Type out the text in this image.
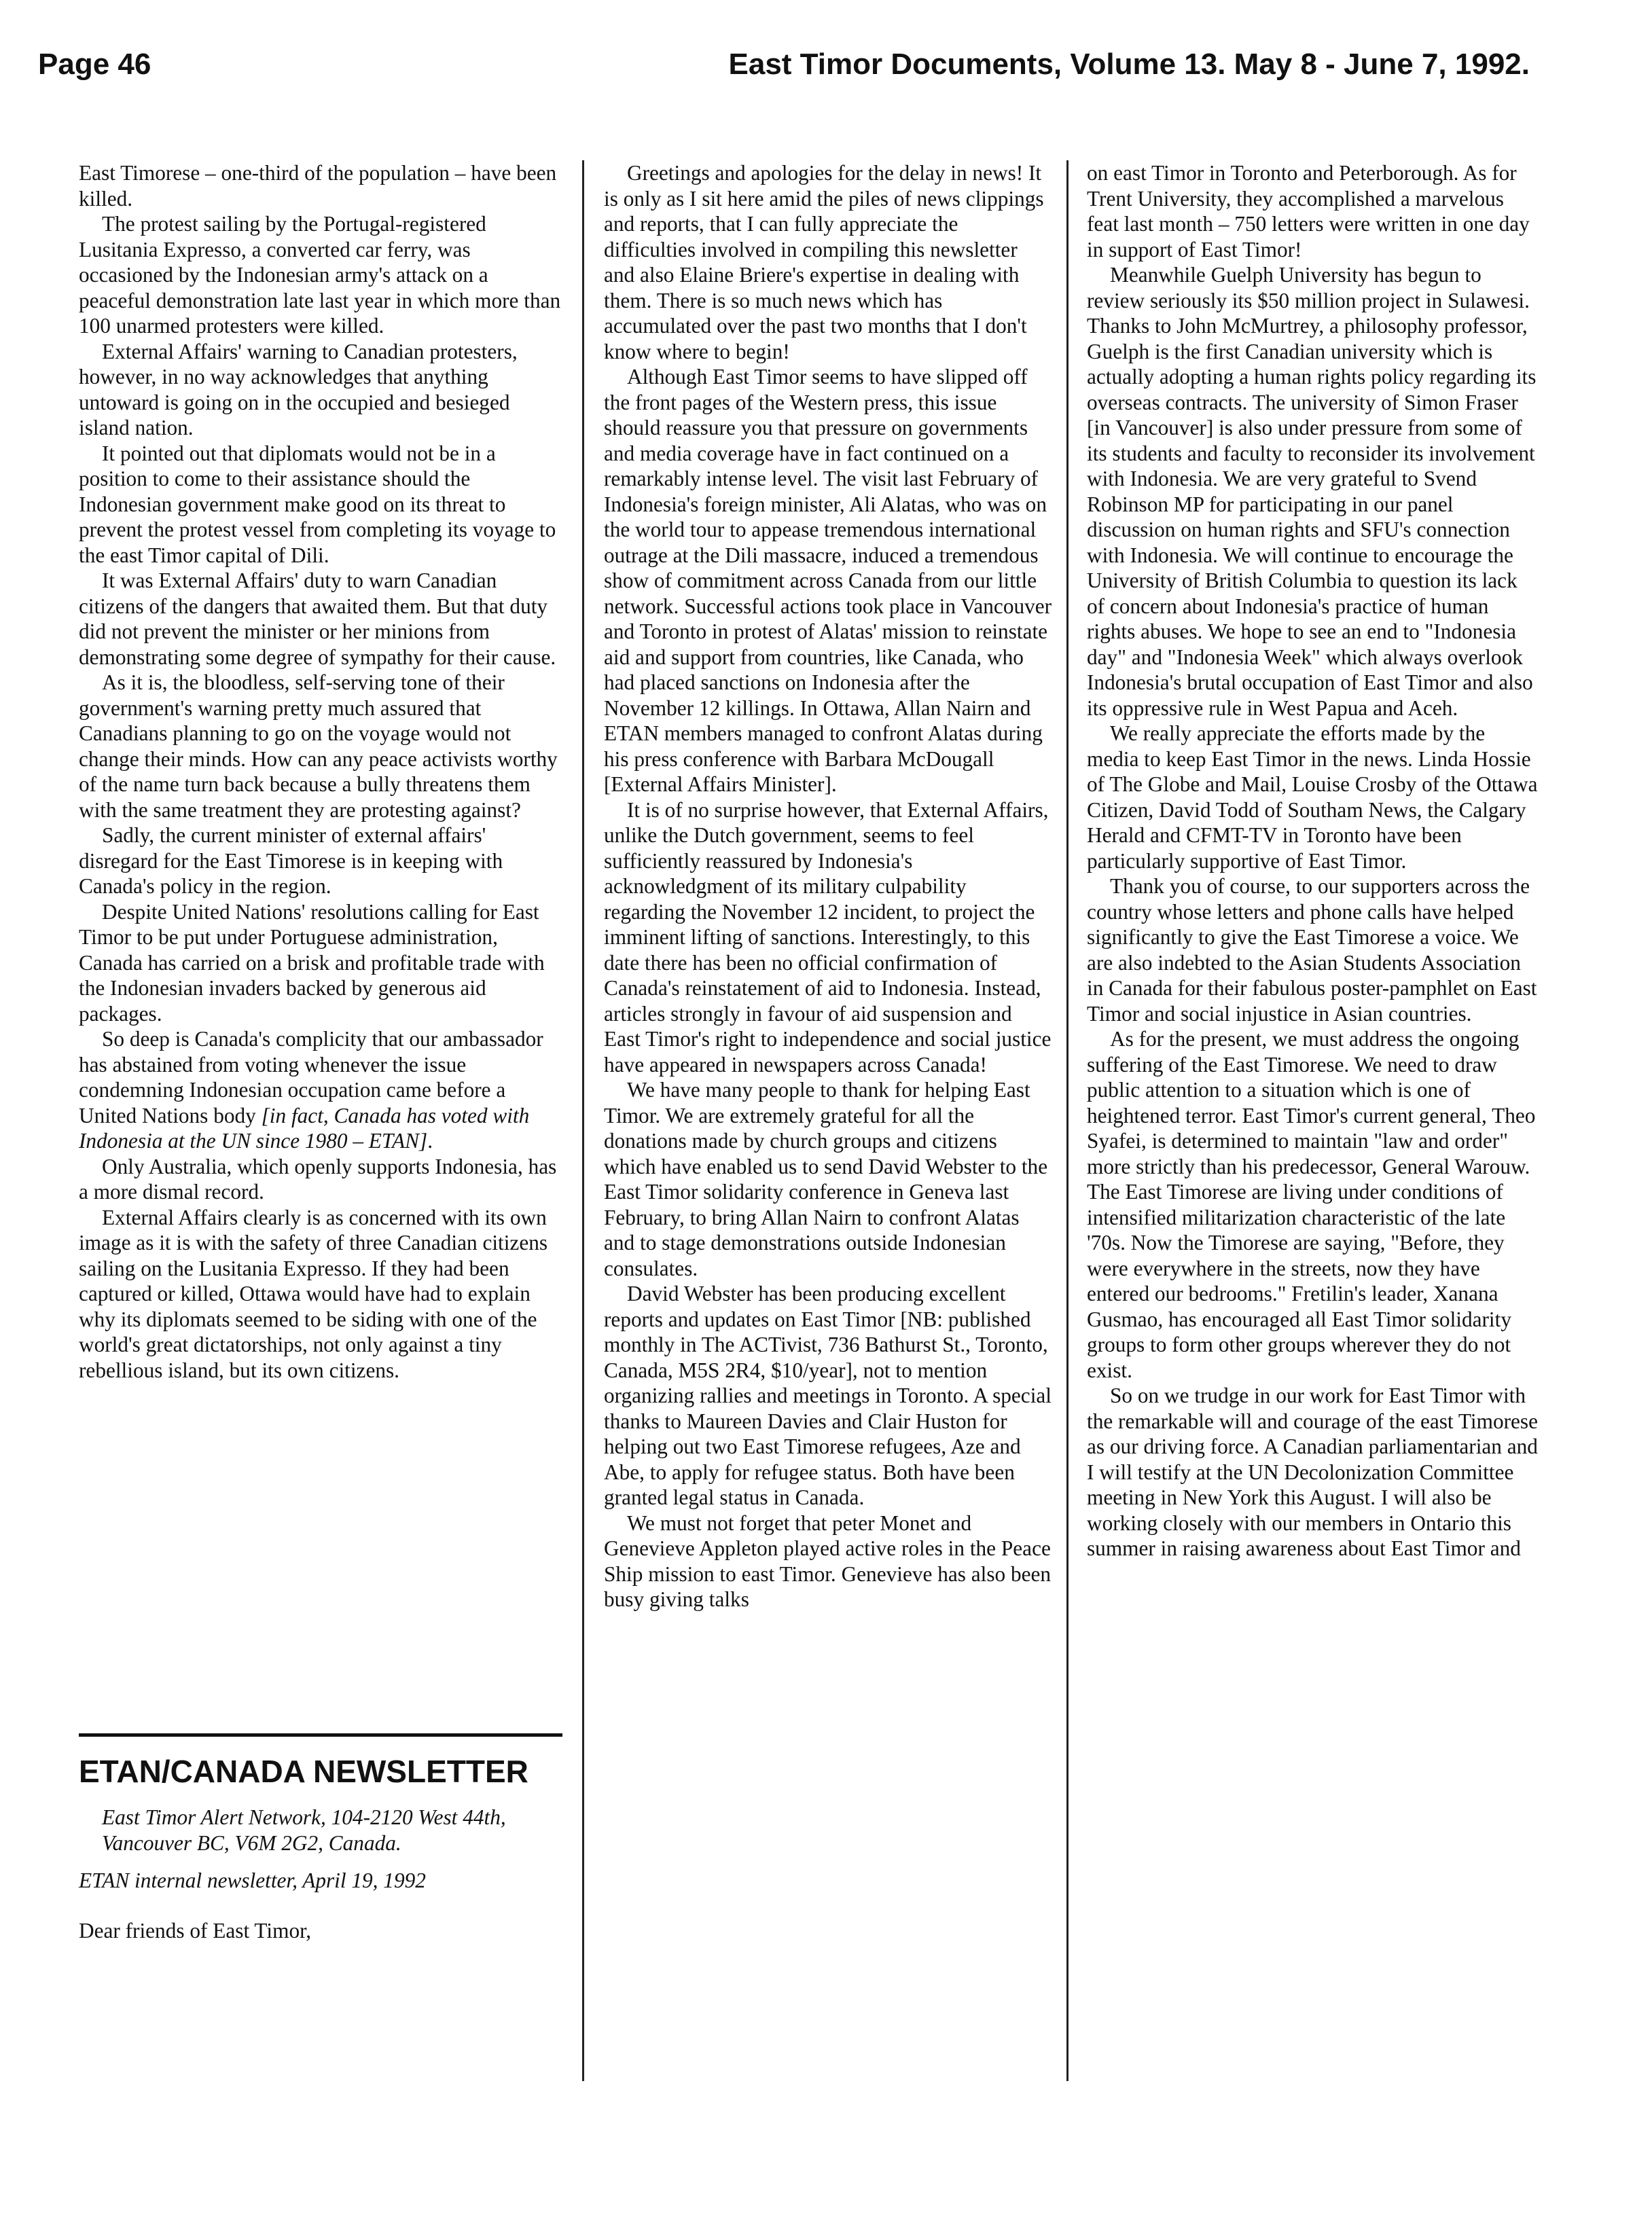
Page 46	East Timor Documents, Volume 13. May 8 - June 7, 1992.

East Timorese – one-third of the population – have been killed.

The protest sailing by the Portugal-registered Lusitania Expresso, a converted car ferry, was occasioned by the Indonesian army's attack on a peaceful demonstration late last year in which more than 100 unarmed protesters were killed.

External Affairs' warning to Canadian protesters, however, in no way acknowledges that anything untoward is going on in the occupied and besieged island nation.

It pointed out that diplomats would not be in a position to come to their assistance should the Indonesian government make good on its threat to prevent the protest vessel from completing its voyage to the east Timor capital of Dili.

It was External Affairs' duty to warn Canadian citizens of the dangers that awaited them. But that duty did not prevent the minister or her minions from demonstrating some degree of sympathy for their cause.

As it is, the bloodless, self-serving tone of their government's warning pretty much assured that Canadians planning to go on the voyage would not change their minds. How can any peace activists worthy of the name turn back because a bully threatens them with the same treatment they are protesting against?

Sadly, the current minister of external affairs' disregard for the East Timorese is in keeping with Canada's policy in the region.

Despite United Nations' resolutions calling for East Timor to be put under Portuguese administration, Canada has carried on a brisk and profitable trade with the Indonesian invaders backed by generous aid packages.

So deep is Canada's complicity that our ambassador has abstained from voting whenever the issue condemning Indonesian occupation came before a United Nations body [in fact, Canada has voted with Indonesia at the UN since 1980 – ETAN].

Only Australia, which openly supports Indonesia, has a more dismal record.

External Affairs clearly is as concerned with its own image as it is with the safety of three Canadian citizens sailing on the Lusitania Expresso. If they had been captured or killed, Ottawa would have had to explain why its diplomats seemed to be siding with one of the world's great dictatorships, not only against a tiny rebellious island, but its own citizens.

ETAN/CANADA NEWSLETTER
East Timor Alert Network, 104-2120 West 44th, Vancouver BC, V6M 2G2, Canada.
ETAN internal newsletter, April 19, 1992
Dear friends of East Timor,

Greetings and apologies for the delay in news! It is only as I sit here amid the piles of news clippings and reports, that I can fully appreciate the difficulties involved in compiling this newsletter and also Elaine Briere's expertise in dealing with them. There is so much news which has accumulated over the past two months that I don't know where to begin!

Although East Timor seems to have slipped off the front pages of the Western press, this issue should reassure you that pressure on governments and media coverage have in fact continued on a remarkably intense level. The visit last February of Indonesia's foreign minister, Ali Alatas, who was on the world tour to appease tremendous international outrage at the Dili massacre, induced a tremendous show of commitment across Canada from our little network. Successful actions took place in Vancouver and Toronto in protest of Alatas' mission to reinstate aid and support from countries, like Canada, who had placed sanctions on Indonesia after the November 12 killings. In Ottawa, Allan Nairn and ETAN members managed to confront Alatas during his press conference with Barbara McDougall [External Affairs Minister].

It is of no surprise however, that External Affairs, unlike the Dutch government, seems to feel sufficiently reassured by Indonesia's acknowledgment of its military culpability regarding the November 12 incident, to project the imminent lifting of sanctions. Interestingly, to this date there has been no official confirmation of Canada's reinstatement of aid to Indonesia. Instead, articles strongly in favour of aid suspension and East Timor's right to independence and social justice have appeared in newspapers across Canada!

We have many people to thank for helping East Timor. We are extremely grateful for all the donations made by church groups and citizens which have enabled us to send David Webster to the East Timor solidarity conference in Geneva last February, to bring Allan Nairn to confront Alatas and to stage demonstrations outside Indonesian consulates.

David Webster has been producing excellent reports and updates on East Timor [NB: published monthly in The ACTivist, 736 Bathurst St., Toronto, Canada, M5S 2R4, $10/year], not to mention organizing rallies and meetings in Toronto. A special thanks to Maureen Davies and Clair Huston for helping out two East Timorese refugees, Aze and Abe, to apply for refugee status. Both have been granted legal status in Canada.

We must not forget that peter Monet and Genevieve Appleton played active roles in the Peace Ship mission to east Timor. Genevieve has also been busy giving talks

on east Timor in Toronto and Peterborough. As for Trent University, they accomplished a marvelous feat last month – 750 letters were written in one day in support of East Timor!

Meanwhile Guelph University has begun to review seriously its $50 million project in Sulawesi. Thanks to John McMurtrey, a philosophy professor, Guelph is the first Canadian university which is actually adopting a human rights policy regarding its overseas contracts. The university of Simon Fraser [in Vancouver] is also under pressure from some of its students and faculty to reconsider its involvement with Indonesia. We are very grateful to Svend Robinson MP for participating in our panel discussion on human rights and SFU's connection with Indonesia. We will continue to encourage the University of British Columbia to question its lack of concern about Indonesia's practice of human rights abuses. We hope to see an end to "Indonesia day" and "Indonesia Week" which always overlook Indonesia's brutal occupation of East Timor and also its oppressive rule in West Papua and Aceh.

We really appreciate the efforts made by the media to keep East Timor in the news. Linda Hossie of The Globe and Mail, Louise Crosby of the Ottawa Citizen, David Todd of Southam News, the Calgary Herald and CFMT-TV in Toronto have been particularly supportive of East Timor.

Thank you of course, to our supporters across the country whose letters and phone calls have helped significantly to give the East Timorese a voice. We are also indebted to the Asian Students Association in Canada for their fabulous poster-pamphlet on East Timor and social injustice in Asian countries.

As for the present, we must address the ongoing suffering of the East Timorese. We need to draw public attention to a situation which is one of heightened terror. East Timor's current general, Theo Syafei, is determined to maintain "law and order" more strictly than his predecessor, General Warouw. The East Timorese are living under conditions of intensified militarization characteristic of the late '70s. Now the Timorese are saying, "Before, they were everywhere in the streets, now they have entered our bedrooms." Fretilin's leader, Xanana Gusmao, has encouraged all East Timor solidarity groups to form other groups wherever they do not exist.

So on we trudge in our work for East Timor with the remarkable will and courage of the east Timorese as our driving force. A Canadian parliamentarian and I will testify at the UN Decolonization Committee meeting in New York this August. I will also be working closely with our members in Ontario this summer in raising awareness about East Timor and
